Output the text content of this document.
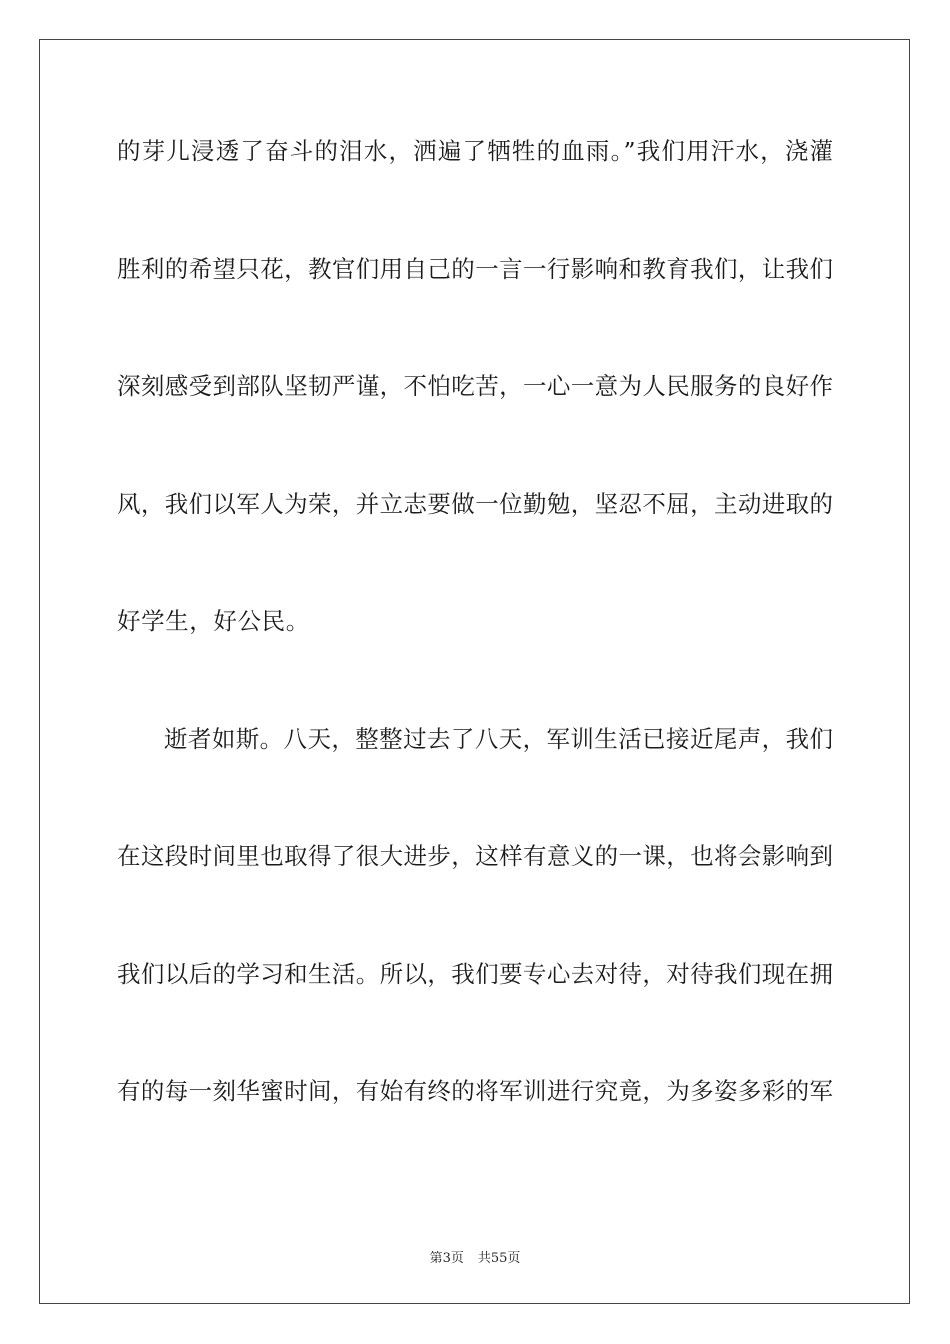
的芽儿浸透了奋斗的泪水，洒遍了牺牲的血雨。”我们用汗水，浇灌

胜利的希望只花，教官们用自己的一言一行影响和教育我们，让我们

深刻感受到部队坚韧严谨，不怕吃苦，一心一意为人民服务的良好作

风，我们以军人为荣，并立志要做一位勤勉，坚忍不屈，主动进取的

好学生，好公民。

逝者如斯。八天，整整过去了八天，军训生活已接近尾声，我们

在这段时间里也取得了很大进步，这样有意义的一课，也将会影响到

我们以后的学习和生活。所以，我们要专心去对待，对待我们现在拥

有的每一刻华蜜时间，有始有终的将军训进行究竟，为多姿多彩的军

第3页 共55页
